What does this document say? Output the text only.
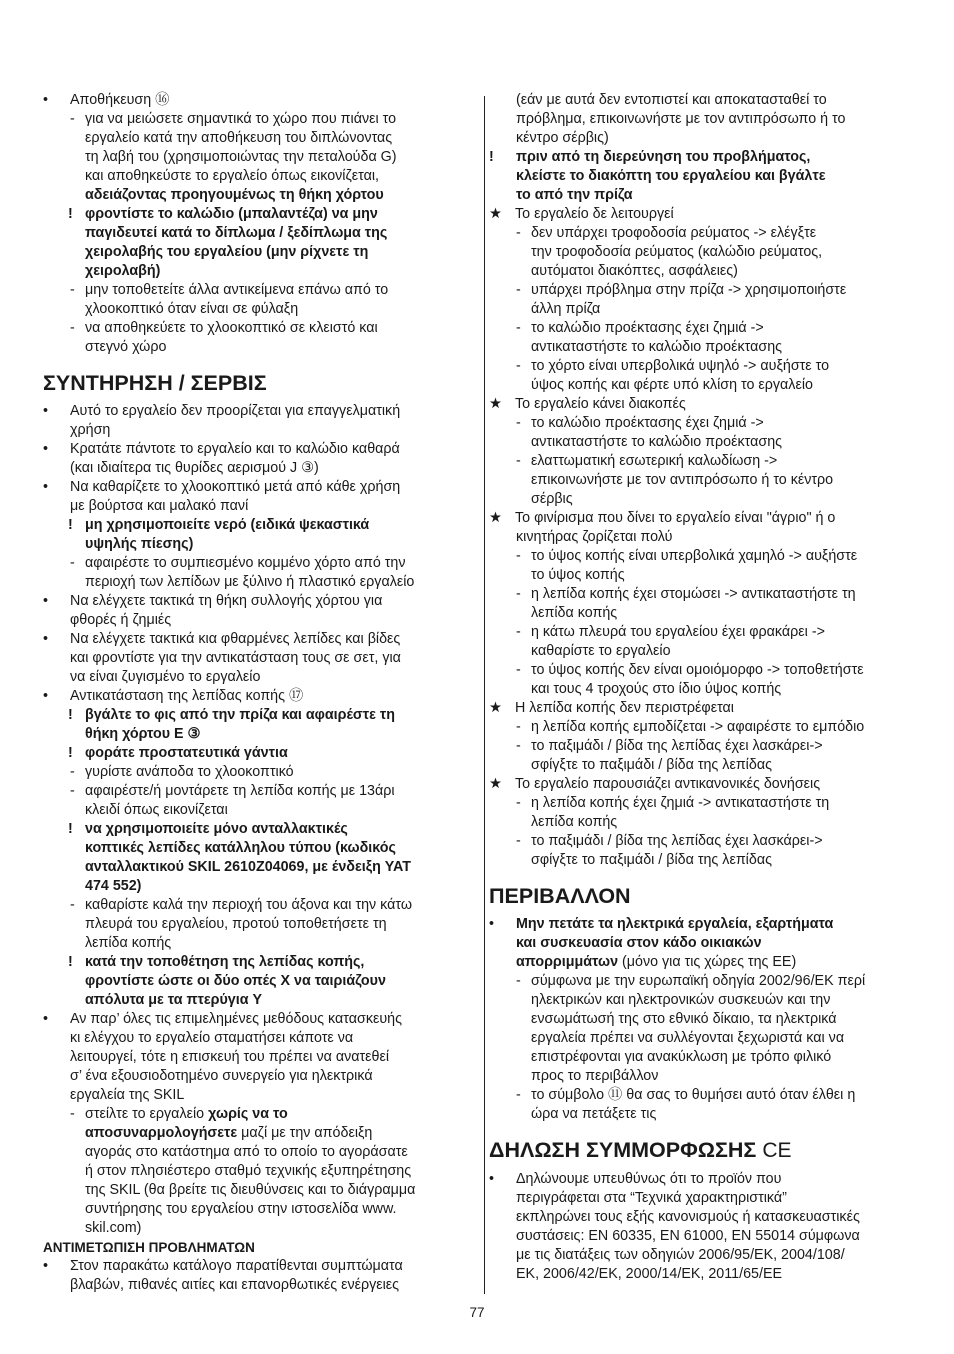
• Αποθήκευση ⑯
- για να μειώσετε σημαντικά το χώρο που πιάνει το
εργαλείο κατά την αποθήκευση του διπλώνοντας
τη λαβή του (χρησιμοποιώντας την πεταλούδα G)
και αποθηκεύστε το εργαλείο όπως εικονίζεται,
αδειάζοντας προηγουμένως τη θήκη χόρτου
! φροντίστε το καλώδιο (μπαλαντέζα) να μην
παγιδευτεί κατά το δίπλωμα / ξεδίπλωμα της
χειρολαβής του εργαλείου (μην ρίχνετε τη
χειρολαβή)
- μην τοποθετείτε άλλα αντικείμενα επάνω από το
χλοοκοπτικό όταν είναι σε φύλαξη
- να αποθηκεύετε το χλοοκοπτικό σε κλειστό και
στεγνό χώρο
ΣΥΝΤΗΡΗΣΗ / ΣΕΡΒΙΣ
• Αυτό το εργαλείο δεν προορίζεται για επαγγελματική
χρήση
• Κρατάτε πάντοτε το εργαλείο και το καλώδιο καθαρά
(και ιδιαίτερα τις θυρίδες αερισμού J ③)
• Να καθαρίζετε το χλοοκοπτικό μετά από κάθε χρήση
με βούρτσα και μαλακό πανί
! μη χρησιμοποιείτε νερό (ειδικά ψεκαστικά
υψηλής πίεσης)
- αφαιρέστε το συμπιεσμένο κομμένο χόρτο από την
περιοχή των λεπίδων με ξύλινο ή πλαστικό εργαλείο
• Να ελέγχετε τακτικά τη θήκη συλλογής χόρτου για
φθορές ή ζημιές
• Να ελέγχετε τακτικά κια φθαρμένες λεπίδες και βίδες
και φροντίστε για την αντικατάσταση τους σε σετ, για
να είναι ζυγισμένο το εργαλείο
• Αντικατάσταση της λεπίδας κοπής ⑰
! βγάλτε το φις από την πρίζα και αφαιρέστε τη
θήκη χόρτου E ③
! φοράτε προστατευτικά γάντια
- γυρίστε ανάποδα το χλοοκοπτικό
- αφαιρέστε/ή μοντάρετε τη λεπίδα κοπής με 13άρι
κλειδί όπως εικονίζεται
! να χρησιμοποιείτε μόνο ανταλλακτικές
κοπτικές λεπίδες κατάλληλου τύπου (κωδικός
ανταλλακτικού SKIL 2610Z04069, με ένδειξη YAT
474 552)
- καθαρίστε καλά την περιοχή του άξονα και την κάτω
πλευρά του εργαλείου, προτού τοποθετήσετε τη
λεπίδα κοπής
! κατά την τοποθέτηση της λεπίδας κοπής,
φροντίστε ώστε οι δύο οπές X να ταιριάζουν
απόλυτα με τα πτερύγια Y
• Αν παρ’ όλες τις επιμελημένες μεθόδους κατασκευής
κι ελέγχου το εργαλείο σταματήσει κάποτε να
λειτουργεί, τότε η επισκευή του πρέπει να ανατεθεί
σ’ ένα εξουσιοδοτημένο συνεργείο για ηλεκτρικά
εργαλεία της SKIL
- στείλτε το εργαλείο χωρίς να το
αποσυναρμολογήσετε μαζί με την απόδειξη
αγοράς στο κατάστημα από το οποίο το αγοράσατε
ή στον πλησιέστερο σταθμό τεχνικής εξυπηρέτησης
της SKIL (θα βρείτε τις διευθύνσεις και το διάγραμμα
συντήρησης του εργαλείου στην ιστοσελίδα www.
skil.com)
ΑΝΤΙΜΕΤΩΠΙΣΗ ΠΡΟΒΛΗΜΑΤΩΝ
• Στον παρακάτω κατάλογο παρατίθενται συμπτώματα
βλαβών, πιθανές αιτίες και επανορθωτικές ενέργειες
(εάν με αυτά δεν εντοπιστεί και αποκατασταθεί το
πρόβλημα, επικοινωνήστε με τον αντιπρόσωπο ή το
κέντρο σέρβις)
! πριν από τη διερεύνηση του προβλήματος,
κλείστε το διακόπτη του εργαλείου και βγάλτε
το από την πρίζα
★ Το εργαλείο δε λειτουργεί
- δεν υπάρχει τροφοδοσία ρεύματος -> ελέγξτε
την τροφοδοσία ρεύματος (καλώδιο ρεύματος,
αυτόματοι διακόπτες, ασφάλειες)
- υπάρχει πρόβλημα στην πρίζα -> χρησιμοποιήστε
άλλη πρίζα
- το καλώδιο προέκτασης έχει ζημιά ->
αντικαταστήστε το καλώδιο προέκτασης
- το χόρτο είναι υπερβολικά υψηλό -> αυξήστε το
ύψος κοπής και φέρτε υπό κλίση το εργαλείο
★ Το εργαλείο κάνει διακοπές
- το καλώδιο προέκτασης έχει ζημιά ->
αντικαταστήστε το καλώδιο προέκτασης
- ελαττωματική εσωτερική καλωδίωση ->
επικοινωνήστε με τον αντιπρόσωπο ή το κέντρο
σέρβις
★ Το φινίρισμα που δίνει το εργαλείο είναι "άγριο" ή ο
κινητήρας ζορίζεται πολύ
- το ύψος κοπής είναι υπερβολικά χαμηλό -> αυξήστε
το ύψος κοπής
- η λεπίδα κοπής έχει στομώσει -> αντικαταστήστε τη
λεπίδα κοπής
- η κάτω πλευρά του εργαλείου έχει φρακάρει ->
καθαρίστε το εργαλείο
- το ύψος κοπής δεν είναι ομοιόμορφο -> τοποθετήστε
και τους 4 τροχούς στο ίδιο ύψος κοπής
★ Η λεπίδα κοπής δεν περιστρέφεται
- η λεπίδα κοπής εμποδίζεται -> αφαιρέστε το εμπόδιο
- το παξιμάδι / βίδα της λεπίδας έχει λασκάρει->
σφίγξτε το παξιμάδι / βίδα της λεπίδας
★ Το εργαλείο παρουσιάζει αντικανονικές δονήσεις
- η λεπίδα κοπής έχει ζημιά -> αντικαταστήστε τη
λεπίδα κοπής
- το παξιμάδι / βίδα της λεπίδας έχει λασκάρει->
σφίγξτε το παξιμάδι / βίδα της λεπίδας
ΠΕΡΙΒΑΛΛΟΝ
• Μην πετάτε τα ηλεκτρικά εργαλεία, εξαρτήματα
και συσκευασία στον κάδο οικιακών
απορριμμάτων (μόνο για τις χώρες της ΕΕ)
- σύμφωνα με την ευρωπαϊκή οδηγία 2002/96/ΕΚ περί
ηλεκτρικών και ηλεκτρονικών συσκευών και την
ενσωμάτωσή της στο εθνικό δίκαιο, τα ηλεκτρικά
εργαλεία πρέπει να συλλέγονται ξεχωριστά και να
επιστρέφονται για ανακύκλωση με τρόπο φιλικό
προς το περιβάλλον
- το σύμβολο ⑪ θα σας το θυμήσει αυτό όταν έλθει η
ώρα να πετάξετε τις
ΔΗΛΩΣΗ ΣΥΜΜΟΡΦΩΣΗΣ CE
• Δηλώνουμε υπευθύνως ότι το προϊόν που
περιγράφεται στα “Τεχνικά χαρακτηριστικά”
εκπληρώνει τους εξής κανονισμούς ή κατασκευαστικές
συστάσεις: EN 60335, EN 61000, EN 55014 σύμφωνα
με τις διατάξεις των οδηγιών 2006/95/ΕΚ, 2004/108/
ΕΚ, 2006/42/ΕΚ, 2000/14/ΕΚ, 2011/65/ΕΕ
77
